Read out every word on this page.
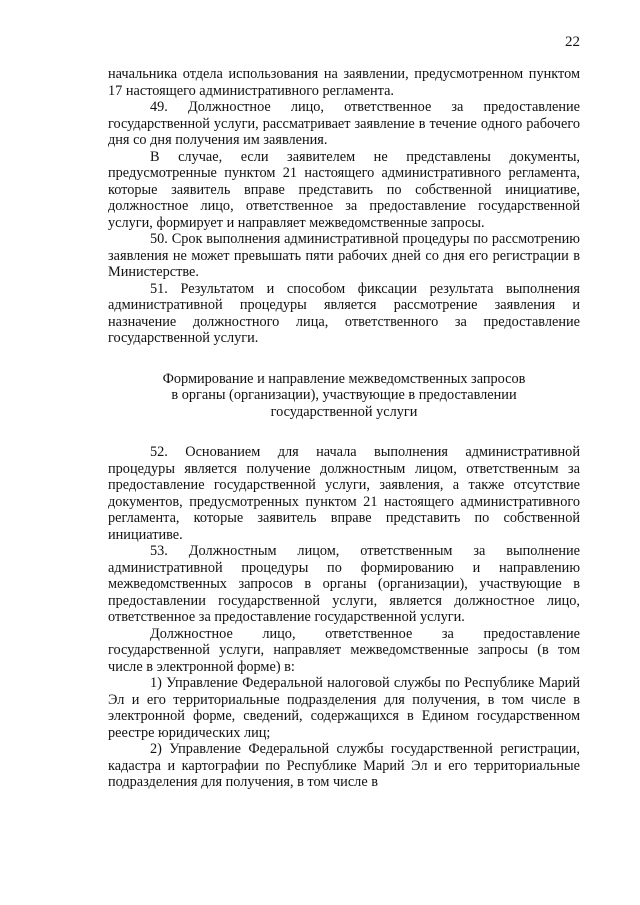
22

начальника отдела использования на заявлении, предусмотренном пунктом 17 настоящего административного регламента.

49. Должностное лицо, ответственное за предоставление государственной услуги, рассматривает заявление в течение одного рабочего дня со дня получения им заявления.

В случае, если заявителем не представлены документы, предусмотренные пунктом 21 настоящего административного регламента, которые заявитель вправе представить по собственной инициативе, должностное лицо, ответственное за предоставление государственной услуги, формирует и направляет межведомственные запросы.

50. Срок выполнения административной процедуры по рассмотрению заявления не может превышать пяти рабочих дней со дня его регистрации в Министерстве.

51. Результатом и способом фиксации результата выполнения административной процедуры является рассмотрение заявления и назначение должностного лица, ответственного за предоставление государственной услуги.

Формирование и направление межведомственных запросов
в органы (организации), участвующие в предоставлении
государственной услуги

52. Основанием для начала выполнения административной процедуры является получение должностным лицом, ответственным за предоставление государственной услуги, заявления, а также отсутствие документов, предусмотренных пунктом 21 настоящего административного регламента, которые заявитель вправе представить по собственной инициативе.

53. Должностным лицом, ответственным за выполнение административной процедуры по формированию и направлению межведомственных запросов в органы (организации), участвующие в предоставлении государственной услуги, является должностное лицо, ответственное за предоставление государственной услуги.

Должностное лицо, ответственное за предоставление государственной услуги, направляет межведомственные запросы (в том числе в электронной форме) в:

1) Управление Федеральной налоговой службы по Республике Марий Эл и его территориальные подразделения для получения, в том числе в электронной форме, сведений, содержащихся в Едином государственном реестре юридических лиц;

2) Управление Федеральной службы государственной регистрации, кадастра и картографии по Республике Марий Эл и его территориальные подразделения для получения, в том числе в
